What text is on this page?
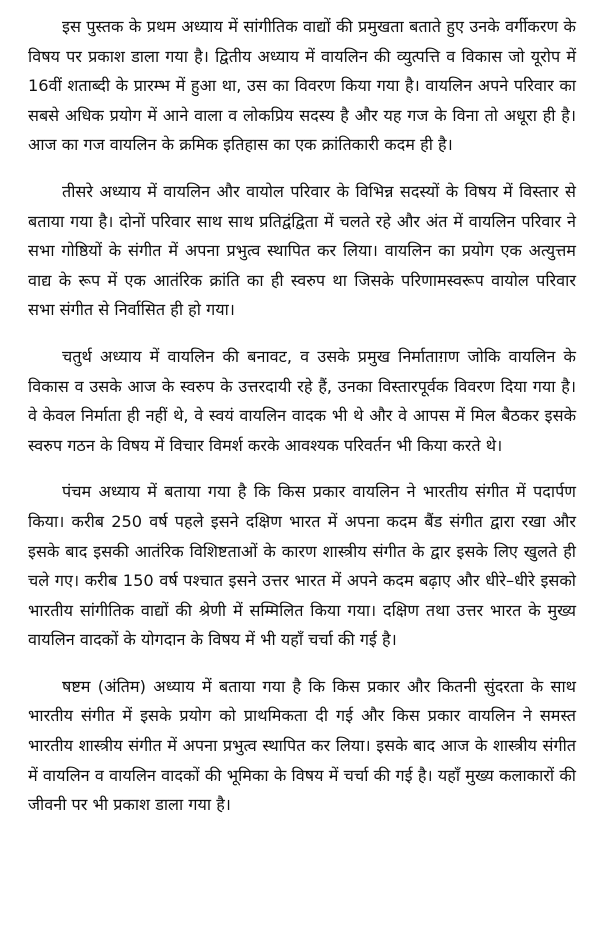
इस पुस्तक के प्रथम अध्याय में सांगीतिक वाद्यों की प्रमुखता बताते हुए उनके वर्गीकरण के विषय पर प्रकाश डाला गया है। द्वितीय अध्याय में वायलिन की व्युत्पत्ति व विकास जो यूरोप में 16वीं शताब्दी के प्रारम्भ में हुआ था, उस का विवरण किया गया है। वायलिन अपने परिवार का सबसे अधिक प्रयोग में आने वाला व लोकप्रिय सदस्य है और यह गज के विना तो अधूरा ही है। आज का गज वायलिन के क्रमिक इतिहास का एक क्रांतिकारी कदम ही है।

तीसरे अध्याय में वायलिन और वायोल परिवार के विभिन्न सदस्यों के विषय में विस्तार से बताया गया है। दोनों परिवार साथ साथ प्रतिद्वंद्विता में चलते रहे और अंत में वायलिन परिवार ने सभा गोष्ठियों के संगीत में अपना प्रभुत्व स्थापित कर लिया। वायलिन का प्रयोग एक अत्युत्तम वाद्य के रूप में एक आतंरिक क्रांति का ही स्वरुप था जिसके परिणामस्वरूप वायोल परिवार सभा संगीत से निर्वासित ही हो गया।

चतुर्थ अध्याय में वायलिन की बनावट, व उसके प्रमुख निर्माताग़ण जोकि वायलिन के विकास व उसके आज के स्वरुप के उत्तरदायी रहे हैं, उनका विस्तारपूर्वक विवरण दिया गया है। वे केवल निर्माता ही नहीं थे, वे स्वयं वायलिन वादक भी थे और वे आपस में मिल बैठकर इसके स्वरुप गठन के विषय में विचार विमर्श करके आवश्यक परिवर्तन भी किया करते थे।

पंचम अध्याय में बताया गया है कि किस प्रकार वायलिन ने भारतीय संगीत में पदार्पण किया। करीब 250 वर्ष पहले इसने दक्षिण भारत में अपना कदम बैंड संगीत द्वारा रखा और इसके बाद इसकी आतंरिक विशिष्टताओं के कारण शास्त्रीय संगीत के द्वार इसके लिए खुलते ही चले गए। करीब 150 वर्ष पश्चात इसने उत्तर भारत में अपने कदम बढ़ाए और धीरे–धीरे इसको भारतीय सांगीतिक वाद्यों की श्रेणी में सम्मिलित किया गया। दक्षिण तथा उत्तर भारत के मुख्य वायलिन वादकों के योगदान के विषय में भी यहाँ चर्चा की गई है।

षष्टम (अंतिम) अध्याय में बताया गया है कि किस प्रकार और कितनी सुंदरता के साथ भारतीय संगीत में इसके प्रयोग को प्राथमिकता दी गई और किस प्रकार वायलिन ने समस्त भारतीय शास्त्रीय संगीत में अपना प्रभुत्व स्थापित कर लिया। इसके बाद आज के शास्त्रीय संगीत में वायलिन व वायलिन वादकों की भूमिका के विषय में चर्चा की गई है। यहाँ मुख्य कलाकारों की जीवनी पर भी प्रकाश डाला गया है।
